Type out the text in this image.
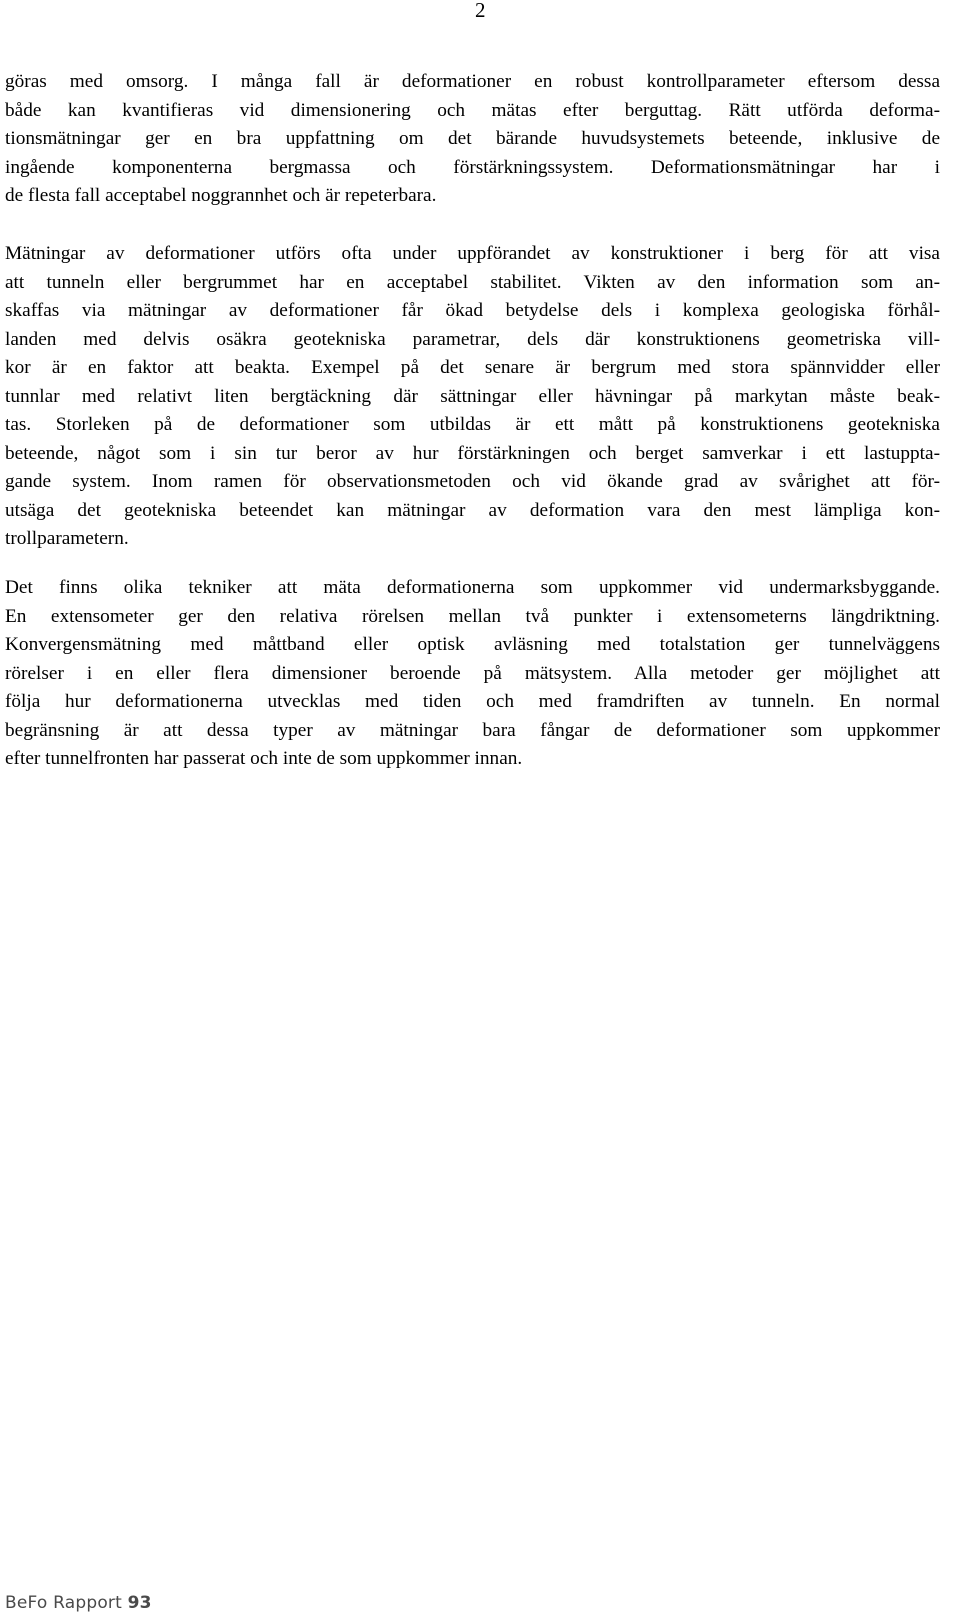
2

göras med omsorg. I många fall är deformationer en robust kontrollparameter eftersom dessa
både kan kvantifieras vid dimensionering och mätas efter berguttag. Rätt utförda deforma-
tionsmätningar ger en bra uppfattning om det bärande huvudsystemets beteende, inklusive de
ingående komponenterna bergmassa och förstärkningssystem. Deformationsmätningar har i
de flesta fall acceptabel noggrannhet och är repeterbara.

Mätningar av deformationer utförs ofta under uppförandet av konstruktioner i berg för att visa
att tunneln eller bergrummet har en acceptabel stabilitet. Vikten av den information som an-
skaffas via mätningar av deformationer får ökad betydelse dels i komplexa geologiska förhål-
landen med delvis osäkra geotekniska parametrar, dels där konstruktionens geometriska vill-
kor är en faktor att beakta. Exempel på det senare är bergrum med stora spännvidder eller
tunnlar med relativt liten bergtäckning där sättningar eller hävningar på markytan måste beak-
tas. Storleken på de deformationer som utbildas är ett mått på konstruktionens geotekniska
beteende, något som i sin tur beror av hur förstärkningen och berget samverkar i ett lastuppta-
gande system. Inom ramen för observationsmetoden och vid ökande grad av svårighet att för-
utsäga det geotekniska beteendet kan mätningar av deformation vara den mest lämpliga kon-
trollparametern.

Det finns olika tekniker att mäta deformationerna som uppkommer vid undermarksbyggande.
En extensometer ger den relativa rörelsen mellan två punkter i extensometerns längdriktning.
Konvergensmätning med måttband eller optisk avläsning med totalstation ger tunnelväggens
rörelser i en eller flera dimensioner beroende på mätsystem. Alla metoder ger möjlighet att
följa hur deformationerna utvecklas med tiden och med framdriften av tunneln. En normal
begränsning är att dessa typer av mätningar bara fångar de deformationer som uppkommer
efter tunnelfronten har passerat och inte de som uppkommer innan.

BeFo Rapport 93
